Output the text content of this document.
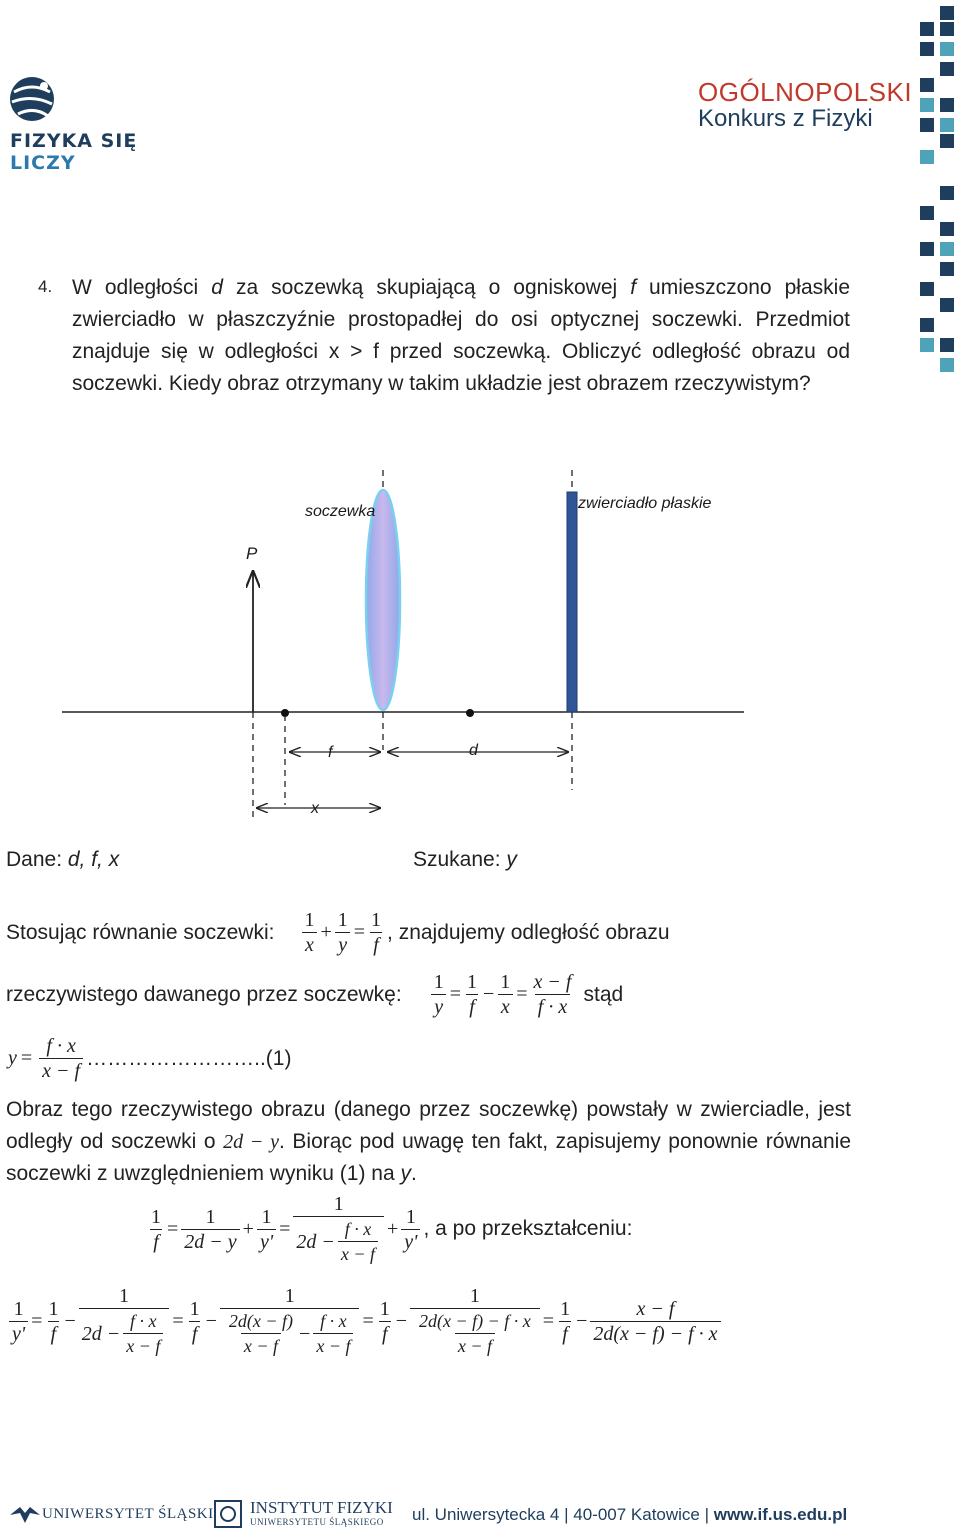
FIZYKA SIĘ LICZY
OGÓLNOPOLSKI
Konkurs z Fizyki
4. W odległości d za soczewką skupiającą o ogniskowej f umieszczono płaskie zwierciadło w płaszczyźnie prostopadłej do osi optycznej soczewki. Przedmiot znajduje się w odległości x > f przed soczewką. Obliczyć odległość obrazu od soczewki. Kiedy obraz otrzymany w takim układzie jest obrazem rzeczywistym?
soczewka	zwierciadło płaskie
P
f	d
x
Dane: d, f, x	Szukane: y
Stosując równanie soczewki: $\frac{1}{x} + \frac{1}{y} = \frac{1}{f}$ , znajdujemy odległość obrazu
rzeczywistego dawanego przez soczewkę: $\frac{1}{y} = \frac{1}{f} - \frac{1}{x} = \frac{x - f}{f \cdot x}$ stąd
$y = \frac{f \cdot x}{x - f}$ ……………………..(1)
Obraz tego rzeczywistego obrazu (danego przez soczewkę) powstały w zwierciadle, jest odległy od soczewki o 2d − y. Biorąc pod uwagę ten fakt, zapisujemy ponownie równanie soczewki z uwzględnieniem wyniku (1) na y.
$\frac{1}{f} = \frac{1}{2d - y} + \frac{1}{y'} = \frac{1}{2d - \frac{f \cdot x}{x - f}} + \frac{1}{y'}$ , a po przekształceniu:
$\frac{1}{y'} = \frac{1}{f} - \frac{1}{2d - \frac{f \cdot x}{x - f}} = \frac{1}{f} - \frac{1}{\frac{2d(x - f)}{x - f} - \frac{f \cdot x}{x - f}} = \frac{1}{f} - \frac{1}{\frac{2d(x - f) - f \cdot x}{x - f}} = \frac{1}{f} - \frac{x - f}{2d(x - f) - f \cdot x}$
UNIWERSYTET ŚLĄSKI INSTYTUT FIZYKI
UNIWERSYTETU ŚLĄSKIEGO ul. Uniwersytecka 4 | 40-007 Katowice | www.if.us.edu.pl
